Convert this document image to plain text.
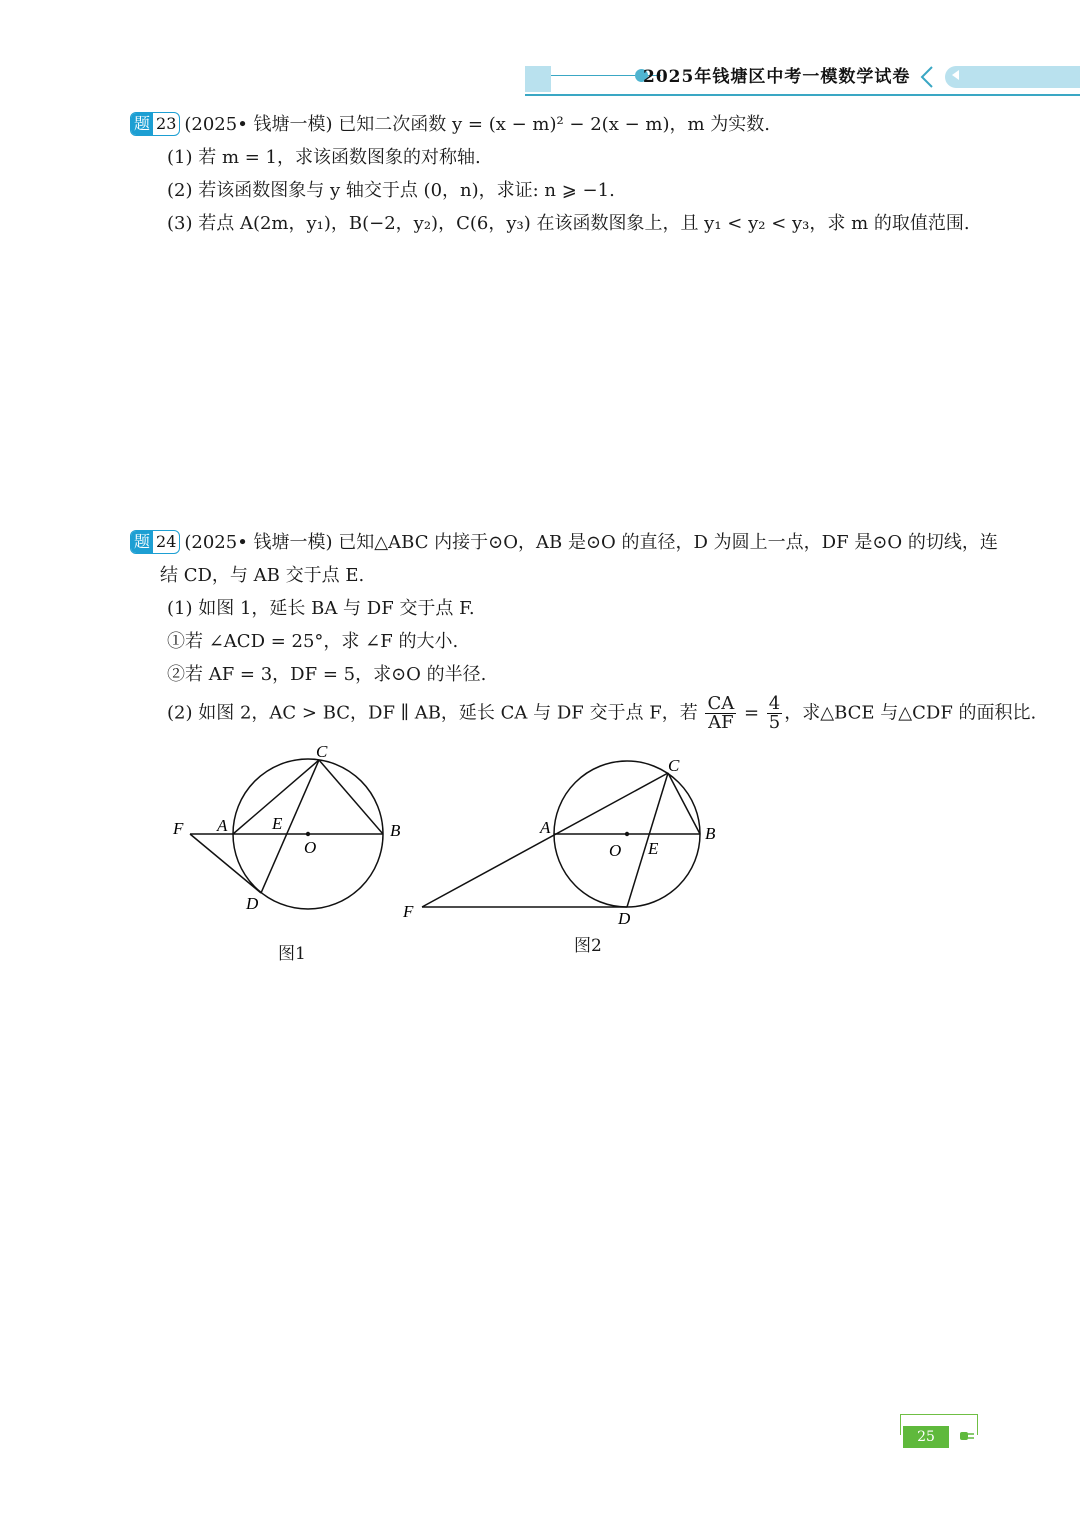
2025年钱塘区中考一模数学试卷
题 23 (2025• 钱塘一模) 已知二次函数 y = (x − m)² − 2(x − m)，m 为实数.
(1) 若 m = 1，求该函数图象的对称轴.
(2) 若该函数图象与 y 轴交于点 (0，n)，求证: n ⩾ −1.
(3) 若点 A(2m，y₁)，B(−2，y₂)，C(6，y₃) 在该函数图象上，且 y₁ < y₂ < y₃，求 m 的取值范围.
题 24 (2025• 钱塘一模) 已知△ABC 内接于⊙O，AB 是⊙O 的直径，D 为圆上一点，DF 是⊙O 的切线，连
结 CD，与 AB 交于点 E.
(1) 如图 1，延长 BA 与 DF 交于点 F.
①若 ∠ACD = 25°，求 ∠F 的大小.
②若 AF = 3，DF = 5，求⊙O 的半径.
(2) 如图 2，AC > BC，DF ∥ AB，延长 CA 与 DF 交于点 F，若 $\frac{CA}{AF} = \frac{4}{5}$ ，求△BCE 与△CDF 的面积比.
C
F A	E	B
O
D
图1
C
A	B
O E
F	D
图2
25
